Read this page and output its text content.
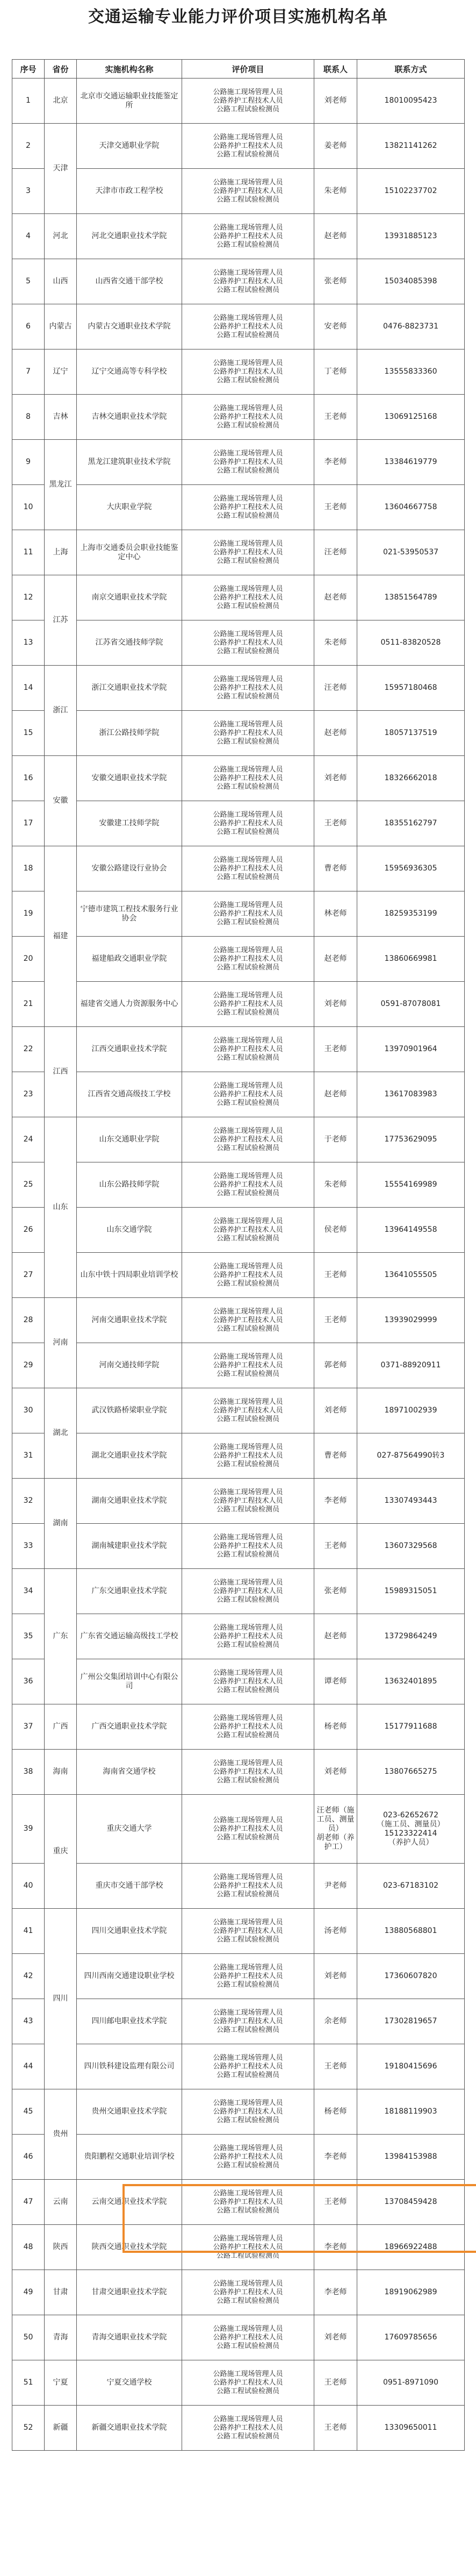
交通运输专业能力评价项目实施机构名单
序号	省份	实施机构名称	评价项目	联系人	联系方式
1	北京	北京市交通运输职业技能鉴定所	公路施工现场管理人员
公路养护工程技术人员
公路工程试验检测员	刘老师	18010095423
2	天津	天津交通职业学院	公路施工现场管理人员
公路养护工程技术人员
公路工程试验检测员	姜老师	13821141262
3		天津市市政工程学校	公路施工现场管理人员
公路养护工程技术人员
公路工程试验检测员	朱老师	15102237702
4	河北	河北交通职业技术学院	公路施工现场管理人员
公路养护工程技术人员
公路工程试验检测员	赵老师	13931885123
5	山西	山西省交通干部学校	公路施工现场管理人员
公路养护工程技术人员
公路工程试验检测员	张老师	15034085398
6	内蒙古	内蒙古交通职业技术学院	公路施工现场管理人员
公路养护工程技术人员
公路工程试验检测员	安老师	0476-8823731
7	辽宁	辽宁交通高等专科学校	公路施工现场管理人员
公路养护工程技术人员
公路工程试验检测员	丁老师	13555833360
8	吉林	吉林交通职业技术学院	公路施工现场管理人员
公路养护工程技术人员
公路工程试验检测员	王老师	13069125168
9	黑龙江	黑龙江建筑职业技术学院	公路施工现场管理人员
公路养护工程技术人员
公路工程试验检测员	李老师	13384619779
10		大庆职业学院	公路施工现场管理人员
公路养护工程技术人员
公路工程试验检测员	王老师	13604667758
11	上海	上海市交通委员会职业技能鉴定中心	公路施工现场管理人员
公路养护工程技术人员
公路工程试验检测员	汪老师	021-53950537
12	江苏	南京交通职业技术学院	公路施工现场管理人员
公路养护工程技术人员
公路工程试验检测员	赵老师	13851564789
13		江苏省交通技师学院	公路施工现场管理人员
公路养护工程技术人员
公路工程试验检测员	朱老师	0511-83820528
14	浙江	浙江交通职业技术学院	公路施工现场管理人员
公路养护工程技术人员
公路工程试验检测员	汪老师	15957180468
15		浙江公路技师学院	公路施工现场管理人员
公路养护工程技术人员
公路工程试验检测员	赵老师	18057137519
16	安徽	安徽交通职业技术学院	公路施工现场管理人员
公路养护工程技术人员
公路工程试验检测员	刘老师	18326662018
17		安徽建工技师学院	公路施工现场管理人员
公路养护工程技术人员
公路工程试验检测员	王老师	18355162797
18	福建	安徽公路建设行业协会	公路施工现场管理人员
公路养护工程技术人员
公路工程试验检测员	曹老师	15956936305
19		宁德市建筑工程技术服务行业协会	公路施工现场管理人员
公路养护工程技术人员
公路工程试验检测员	林老师	18259353199
20		福建船政交通职业学院	公路施工现场管理人员
公路养护工程技术人员
公路工程试验检测员	赵老师	13860669981
21		福建省交通人力资源服务中心	公路施工现场管理人员
公路养护工程技术人员
公路工程试验检测员	刘老师	0591-87078081
22	江西	江西交通职业技术学院	公路施工现场管理人员
公路养护工程技术人员
公路工程试验检测员	王老师	13970901964
23		江西省交通高级技工学校	公路施工现场管理人员
公路养护工程技术人员
公路工程试验检测员	赵老师	13617083983
24	山东	山东交通职业学院	公路施工现场管理人员
公路养护工程技术人员
公路工程试验检测员	于老师	17753629095
25		山东公路技师学院	公路施工现场管理人员
公路养护工程技术人员
公路工程试验检测员	朱老师	15554169989
26		山东交通学院	公路施工现场管理人员
公路养护工程技术人员
公路工程试验检测员	侯老师	13964149558
27		山东中铁十四局职业培训学校	公路施工现场管理人员
公路养护工程技术人员
公路工程试验检测员	王老师	13641055505
28	河南	河南交通职业技术学院	公路施工现场管理人员
公路养护工程技术人员
公路工程试验检测员	王老师	13939029999
29		河南交通技师学院	公路施工现场管理人员
公路养护工程技术人员
公路工程试验检测员	郭老师	0371-88920911
30	湖北	武汉铁路桥梁职业学院	公路施工现场管理人员
公路养护工程技术人员
公路工程试验检测员	刘老师	18971002939
31		湖北交通职业技术学院	公路施工现场管理人员
公路养护工程技术人员
公路工程试验检测员	曹老师	027-87564990转3
32	湖南	湖南交通职业技术学院	公路施工现场管理人员
公路养护工程技术人员
公路工程试验检测员	李老师	13307493443
33		湖南城建职业技术学院	公路施工现场管理人员
公路养护工程技术人员
公路工程试验检测员	王老师	13607329568
34	广东	广东交通职业技术学院	公路施工现场管理人员
公路养护工程技术人员
公路工程试验检测员	张老师	15989315051
35		广东省交通运输高级技工学校	公路施工现场管理人员
公路养护工程技术人员
公路工程试验检测员	赵老师	13729864249
36		广州公交集团培训中心有限公司	公路施工现场管理人员
公路养护工程技术人员
公路工程试验检测员	谭老师	13632401895
37	广西	广西交通职业技术学院	公路施工现场管理人员
公路养护工程技术人员
公路工程试验检测员	杨老师	15177911688
38	海南	海南省交通学校	公路施工现场管理人员
公路养护工程技术人员
公路工程试验检测员	刘老师	13807665275
39	重庆	重庆交通大学	公路施工现场管理人员
公路养护工程技术人员
公路工程试验检测员	汪老师（施工员、测量员）
胡老师（养护工）	023-62652672
（施工员、测量员）
15123322414
（养护人员）
40		重庆市交通干部学校	公路施工现场管理人员
公路养护工程技术人员
公路工程试验检测员	尹老师	023-67183102
41	四川	四川交通职业技术学院	公路施工现场管理人员
公路养护工程技术人员
公路工程试验检测员	汤老师	13880568801
42		四川西南交通建设职业学校	公路施工现场管理人员
公路养护工程技术人员
公路工程试验检测员	刘老师	17360607820
43		四川邮电职业技术学院	公路施工现场管理人员
公路养护工程技术人员
公路工程试验检测员	余老师	17302819657
44		四川铁科建设监理有限公司	公路施工现场管理人员
公路养护工程技术人员
公路工程试验检测员	王老师	19180415696
45	贵州	贵州交通职业技术学院	公路施工现场管理人员
公路养护工程技术人员
公路工程试验检测员	杨老师	18188119903
46		贵阳鹏程交通职业培训学校	公路施工现场管理人员
公路养护工程技术人员
公路工程试验检测员	李老师	13984153988
47	云南	云南交通职业技术学院	公路施工现场管理人员
公路养护工程技术人员
公路工程试验检测员	王老师	13708459428
48	陕西	陕西交通职业技术学院	公路施工现场管理人员
公路养护工程技术人员
公路工程试验检测员	李老师	18966922488
49	甘肃	甘肃交通职业技术学院	公路施工现场管理人员
公路养护工程技术人员
公路工程试验检测员	李老师	18919062989
50	青海	青海交通职业技术学院	公路施工现场管理人员
公路养护工程技术人员
公路工程试验检测员	刘老师	17609785656
51	宁夏	宁夏交通学校	公路施工现场管理人员
公路养护工程技术人员
公路工程试验检测员	王老师	0951-8971090
52	新疆	新疆交通职业技术学院	公路施工现场管理人员
公路养护工程技术人员
公路工程试验检测员	王老师	13309650011
